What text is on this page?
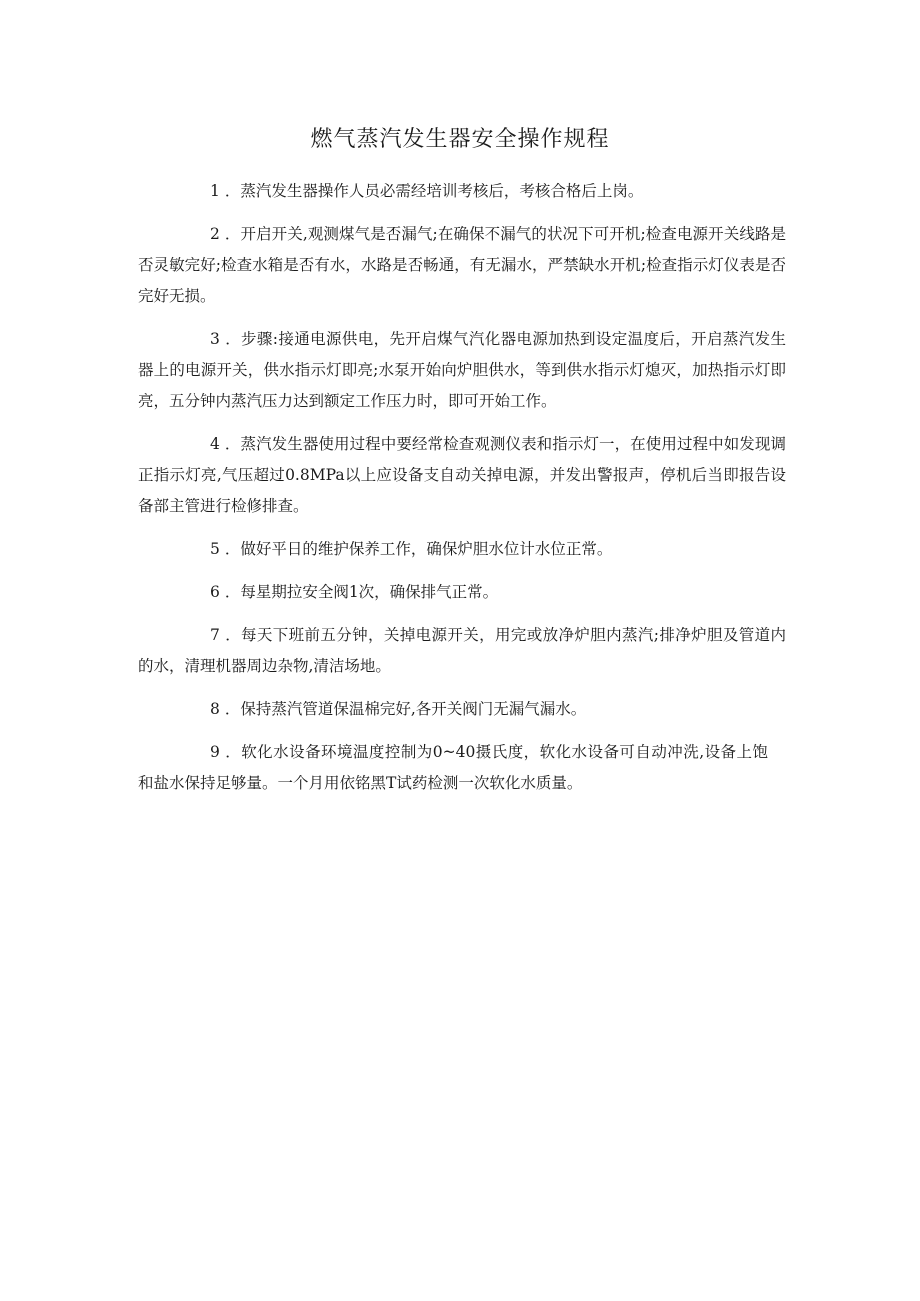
燃气蒸汽发生器安全操作规程

1 ．蒸汽发生器操作人员必需经培训考核后，考核合格后上岗。

2 ．开启开关,观测煤气是否漏气;在确保不漏气的状况下可开机;检查电源开关线路是否灵敏完好;检查水箱是否有水，水路是否畅通，有无漏水，严禁缺水开机;检查指示灯仪表是否完好无损。

3 ．步骤:接通电源供电，先开启煤气汽化器电源加热到设定温度后，开启蒸汽发生器上的电源开关，供水指示灯即亮;水泵开始向炉胆供水，等到供水指示灯熄灭，加热指示灯即亮，五分钟内蒸汽压力达到额定工作压力时，即可开始工作。

4 ．蒸汽发生器使用过程中要经常检查观测仪表和指示灯一，在使用过程中如发现调正指示灯亮,气压超过0.8MPa以上应设备支自动关掉电源，并发出警报声，停机后当即报告设备部主管进行检修排查。

5 ．做好平日的维护保养工作，确保炉胆水位计水位正常。

6 ．每星期拉安全阀1次，确保排气正常。

7 ．每天下班前五分钟，关掉电源开关，用完或放净炉胆内蒸汽;排净炉胆及管道内的水，清理机器周边杂物,清洁场地。

8 ．保持蒸汽管道保温棉完好,各开关阀门无漏气漏水。

9 ．软化水设备环境温度控制为0~40摄氏度，软化水设备可自动冲洗,设备上饱和盐水保持足够量。一个月用依铭黑T试药检测一次软化水质量。
